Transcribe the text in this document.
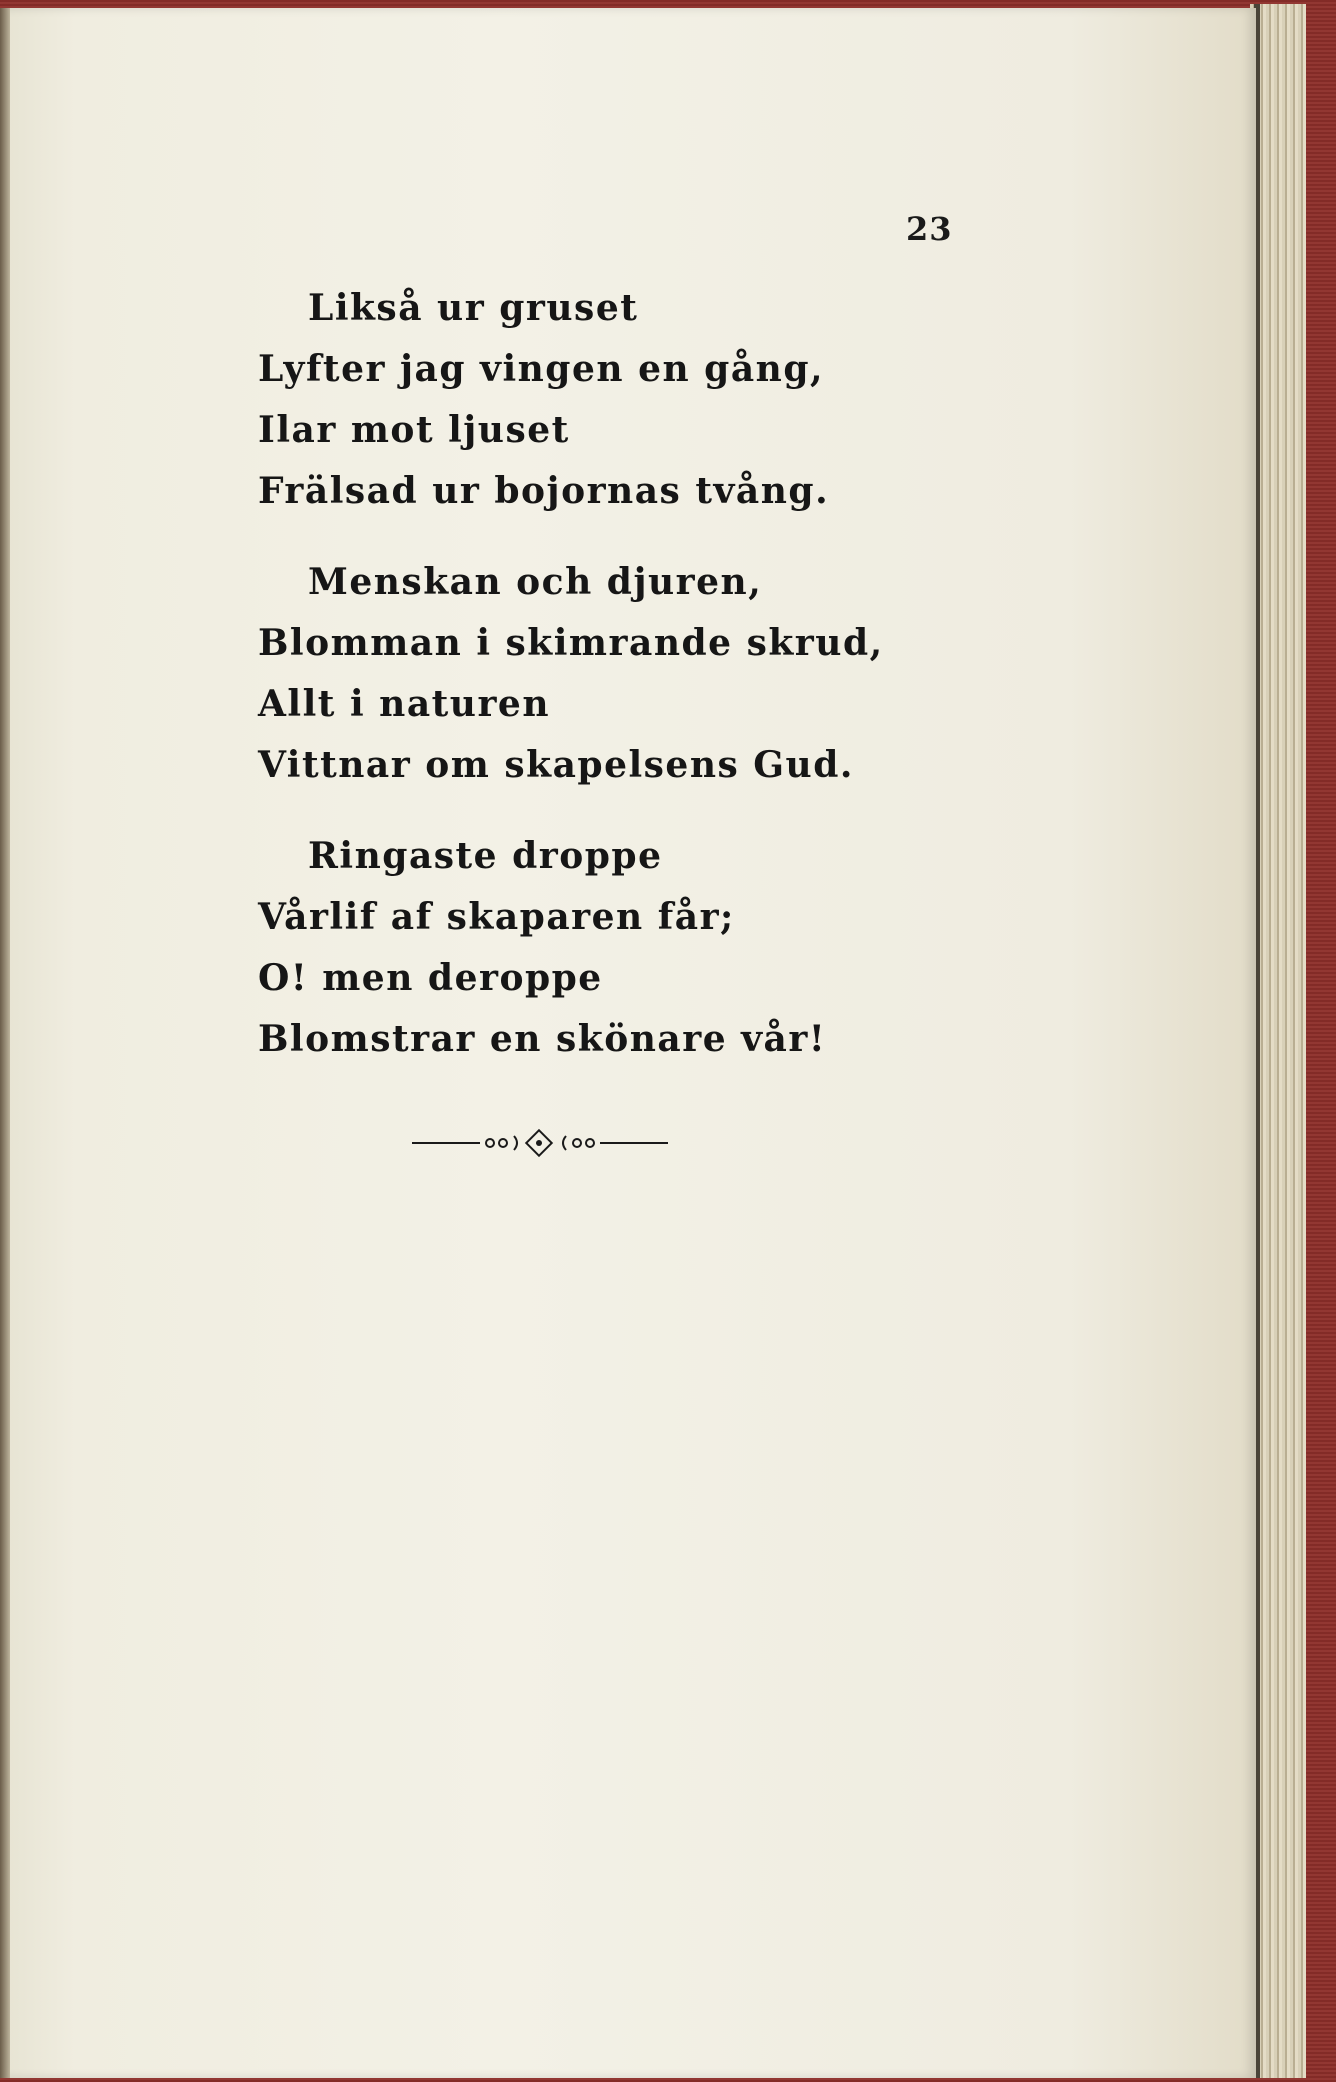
23
Likså ur gruset
Lyfter jag vingen en gång,
Ilar mot ljuset
Frälsad ur bojornas tvång.
Menskan och djuren,
Blomman i skimrande skrud,
Allt i naturen
Vittnar om skapelsens Gud.
Ringaste droppe
Vårlif af skaparen får;
O! men deroppe
Blomstrar en skönare vår!
